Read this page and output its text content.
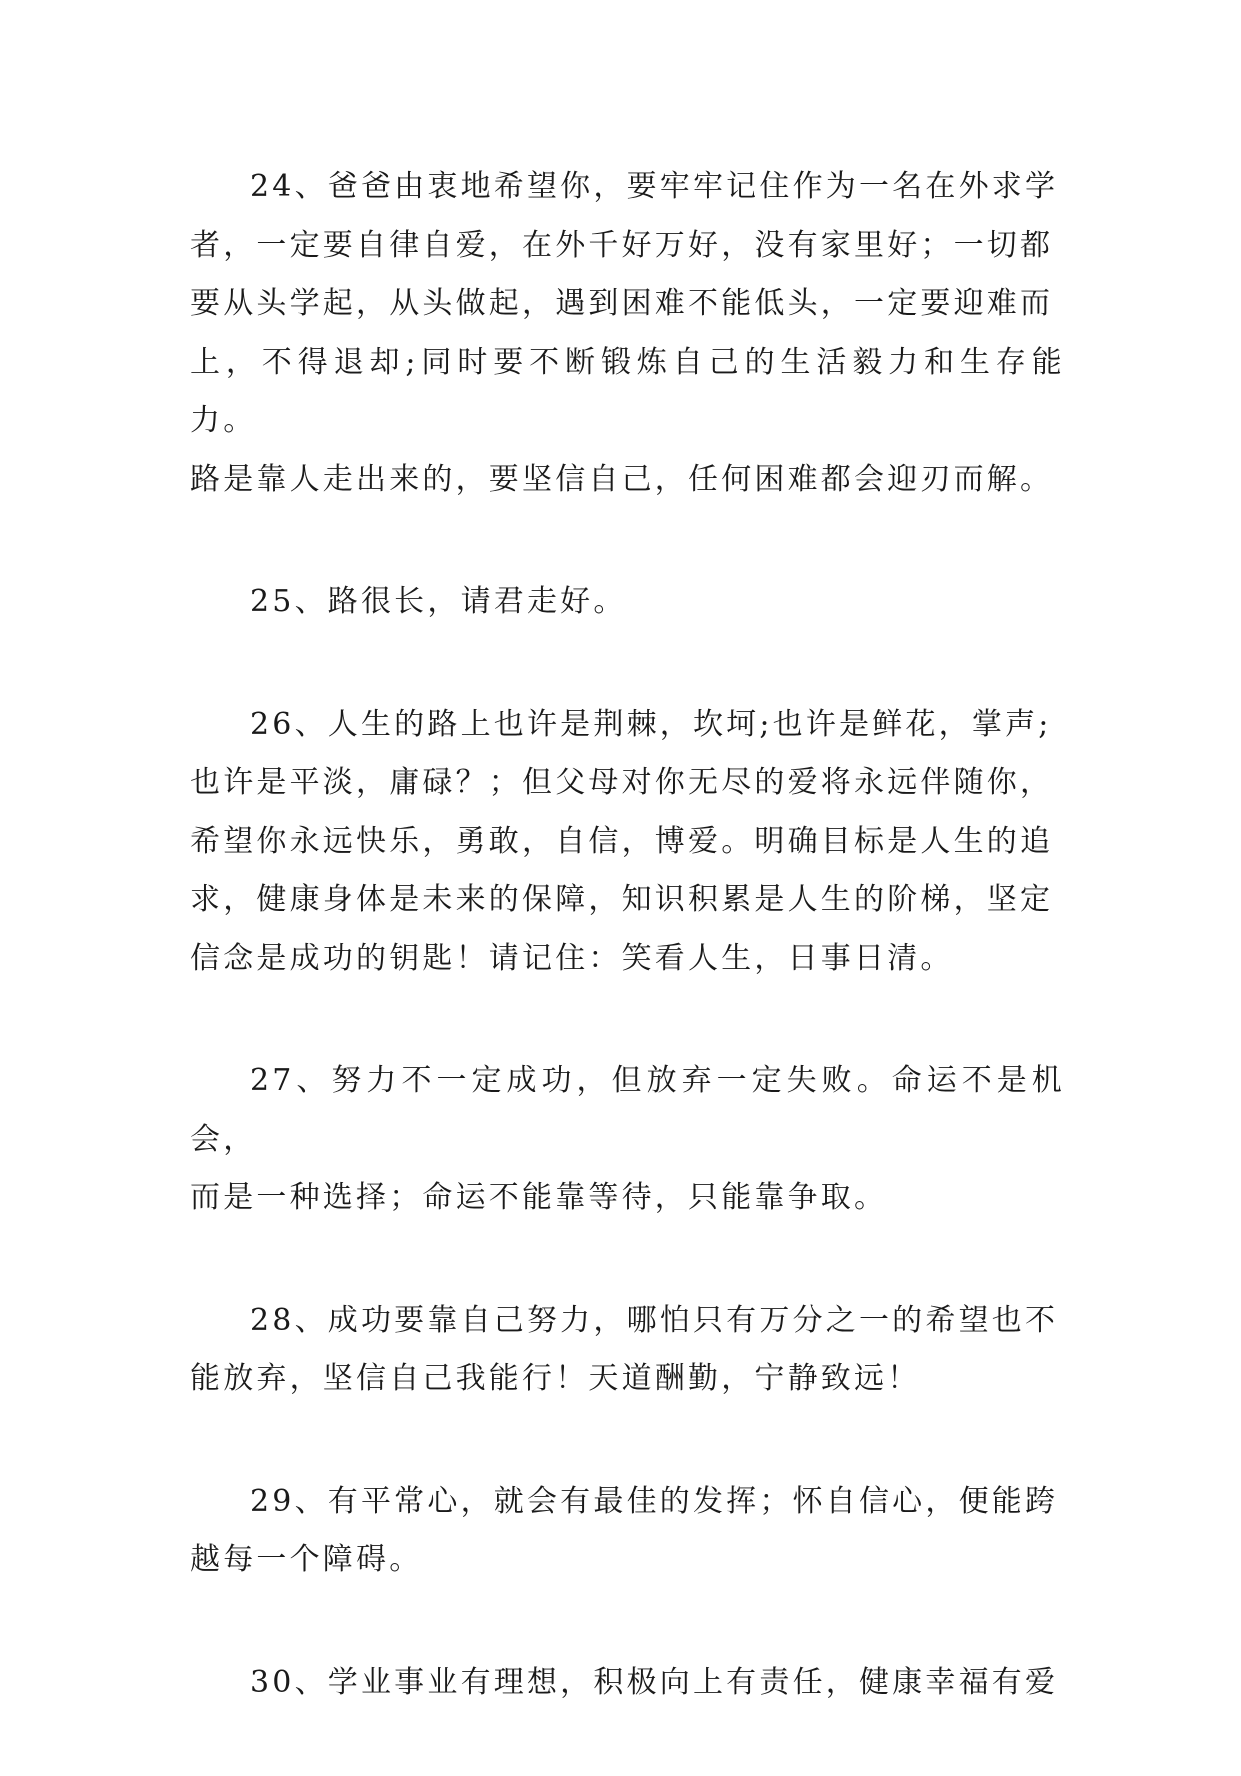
24、爸爸由衷地希望你，要牢牢记住作为一名在外求学
者，一定要自律自爱，在外千好万好，没有家里好；一切都
要从头学起，从头做起，遇到困难不能低头，一定要迎难而
上，不得退却;同时要不断锻炼自己的生活毅力和生存能力。
路是靠人走出来的，要坚信自己，任何困难都会迎刃而解。

25、路很长，请君走好。

26、人生的路上也许是荆棘，坎坷;也许是鲜花，掌声;
也许是平淡，庸碌？；但父母对你无尽的爱将永远伴随你，
希望你永远快乐，勇敢，自信，博爱。明确目标是人生的追
求，健康身体是未来的保障，知识积累是人生的阶梯，坚定
信念是成功的钥匙！请记住：笑看人生，日事日清。

27、努力不一定成功，但放弃一定失败。命运不是机会，
而是一种选择；命运不能靠等待，只能靠争取。

28、成功要靠自己努力，哪怕只有万分之一的希望也不
能放弃，坚信自己我能行！天道酬勤，宁静致远！

29、有平常心，就会有最佳的发挥；怀自信心，便能跨
越每一个障碍。

30、学业事业有理想，积极向上有责任，健康幸福有爱
